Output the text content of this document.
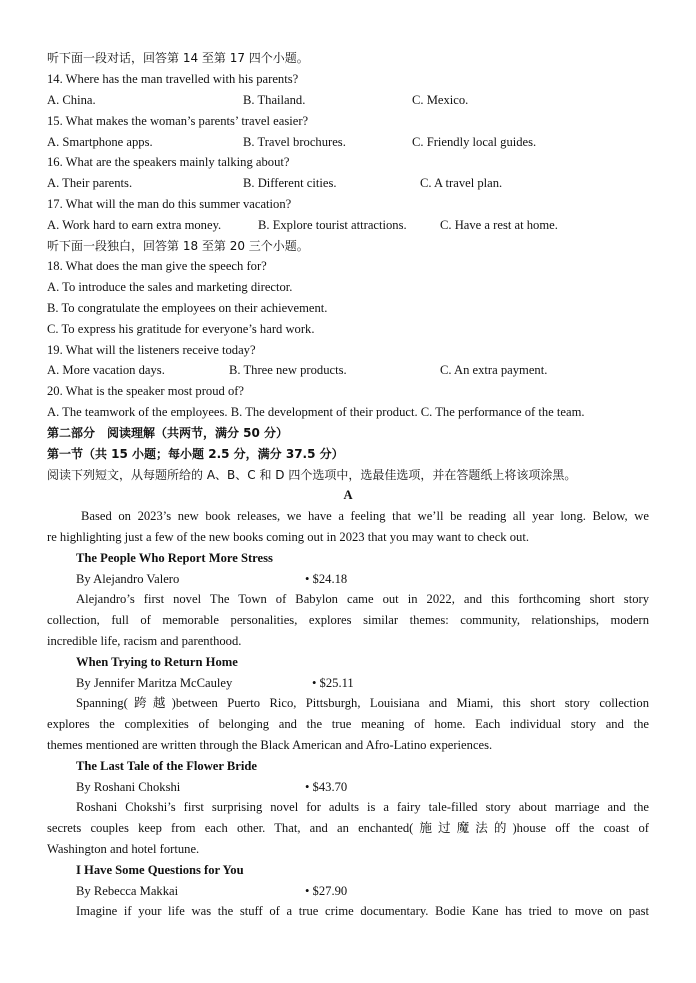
听下面一段对话，回答第 14 至第 17 四个小题。
14. Where has the man travelled with his parents?
A. China.	B. Thailand.	C. Mexico.
15. What makes the woman’s parents’ travel easier?
A. Smartphone apps.	B. Travel brochures.	C. Friendly local guides.
16. What are the speakers mainly talking about?
A. Their parents.	B. Different cities.	C. A travel plan.
17. What will the man do this summer vacation?
A. Work hard to earn extra money.	B. Explore tourist attractions.	C. Have a rest at home.
听下面一段独白，回答第 18 至第 20 三个小题。
18. What does the man give the speech for?
A. To introduce the sales and marketing director.
B. To congratulate the employees on their achievement.
C. To express his gratitude for everyone’s hard work.
19. What will the listeners receive today?
A. More vacation days.	B. Three new products.	C. An extra payment.
20. What is the speaker most proud of?
A. The teamwork of the employees. B. The development of their product. C. The performance of the team.
第二部分　阅读理解（共两节，满分 50 分）
第一节（共 15 小题；每小题 2.5 分，满分 37.5 分）
阅读下列短文，从每题所给的 A、B、C 和 D 四个选项中，选最佳选项，并在答题纸上将该项涂黑。
A
Based on 2023’s new book releases, we have a feeling that we’ll be reading all year long. Below, we
re highlighting just a few of the new books coming out in 2023 that you may want to check out.
The People Who Report More Stress
By Alejandro Valero	• $24.18
Alejandro’s first novel The Town of Babylon came out in 2022, and this forthcoming short story
collection, full of memorable personalities, explores similar themes: community, relationships, modern
incredible life, racism and parenthood.
When Trying to Return Home
By Jennifer Maritza McCauley	• $25.11
Spanning(跨越)between Puerto Rico, Pittsburgh, Louisiana and Miami, this short story collection
explores the complexities of belonging and the true meaning of home. Each individual story and the
themes mentioned are written through the Black American and Afro-Latino experiences.
The Last Tale of the Flower Bride
By Roshani Chokshi	• $43.70
Roshani Chokshi’s first surprising novel for adults is a fairy tale-filled story about marriage and the
secrets couples keep from each other. That, and an enchanted(施过魔法的)house off the coast of
Washington and hotel fortune.
I Have Some Questions for You
By Rebecca Makkai	• $27.90
Imagine if your life was the stuff of a true crime documentary. Bodie Kane has tried to move on past
